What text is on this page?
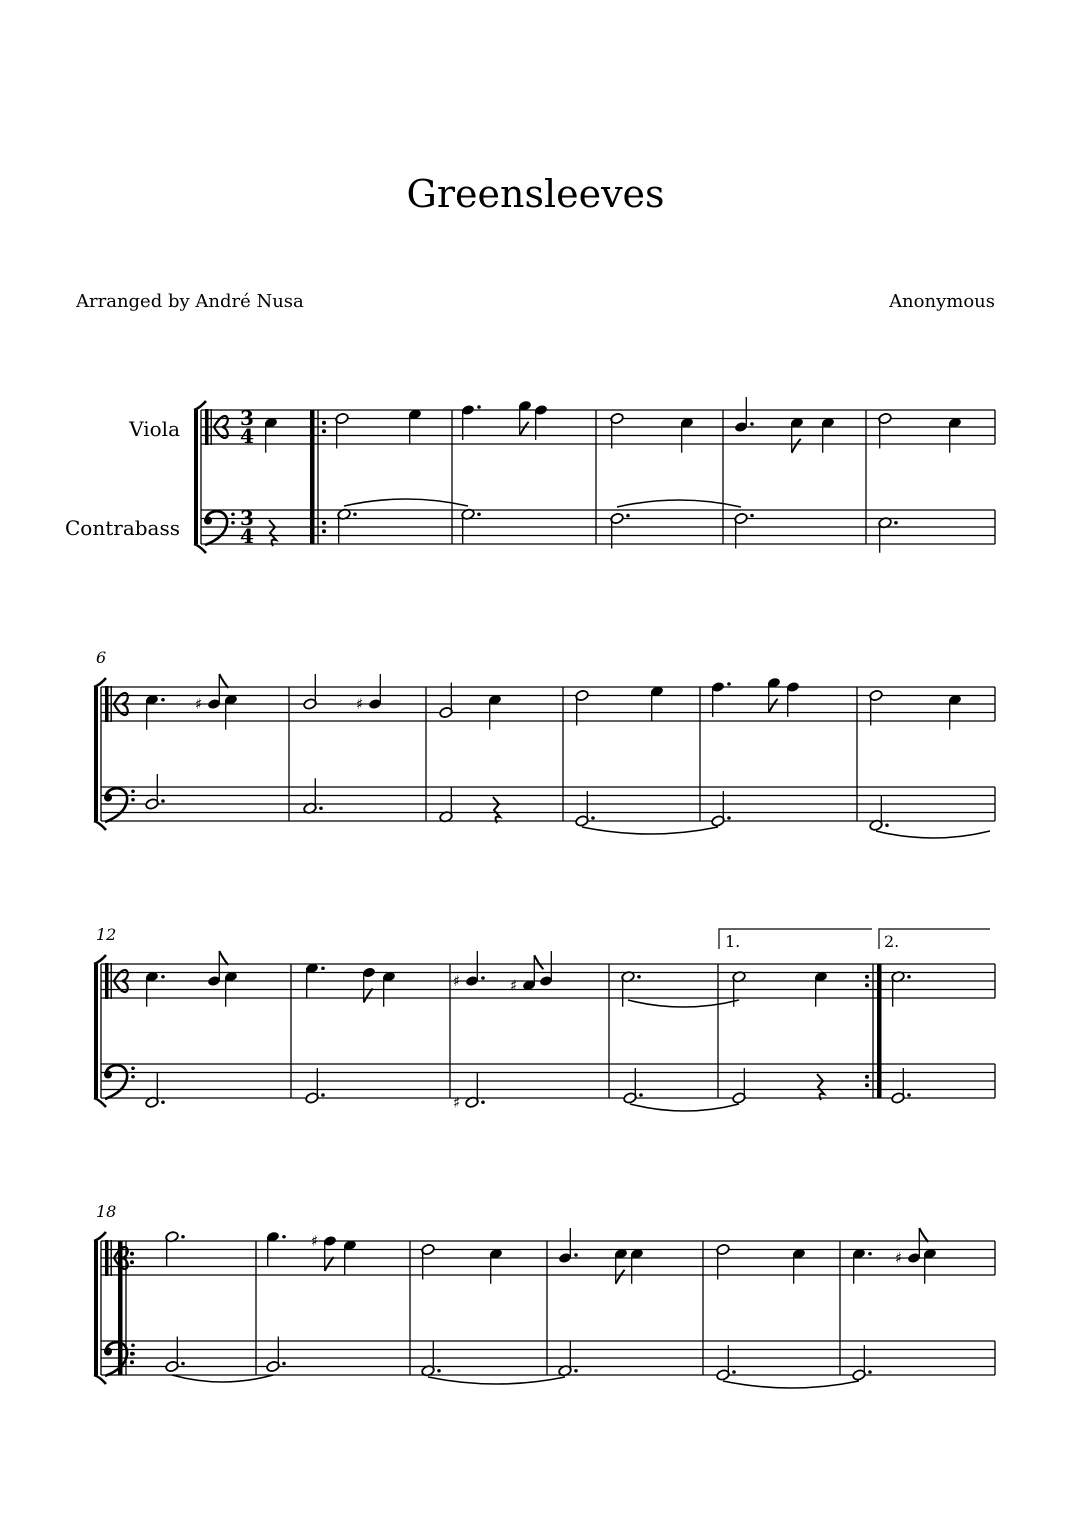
Greensleeves
Arranged by André Nusa	Anonymous
Viola
Contrabass
6
12
18
1.	2.
3
4
3
4
♯	♯
♯	♯
♯
♯
♯
